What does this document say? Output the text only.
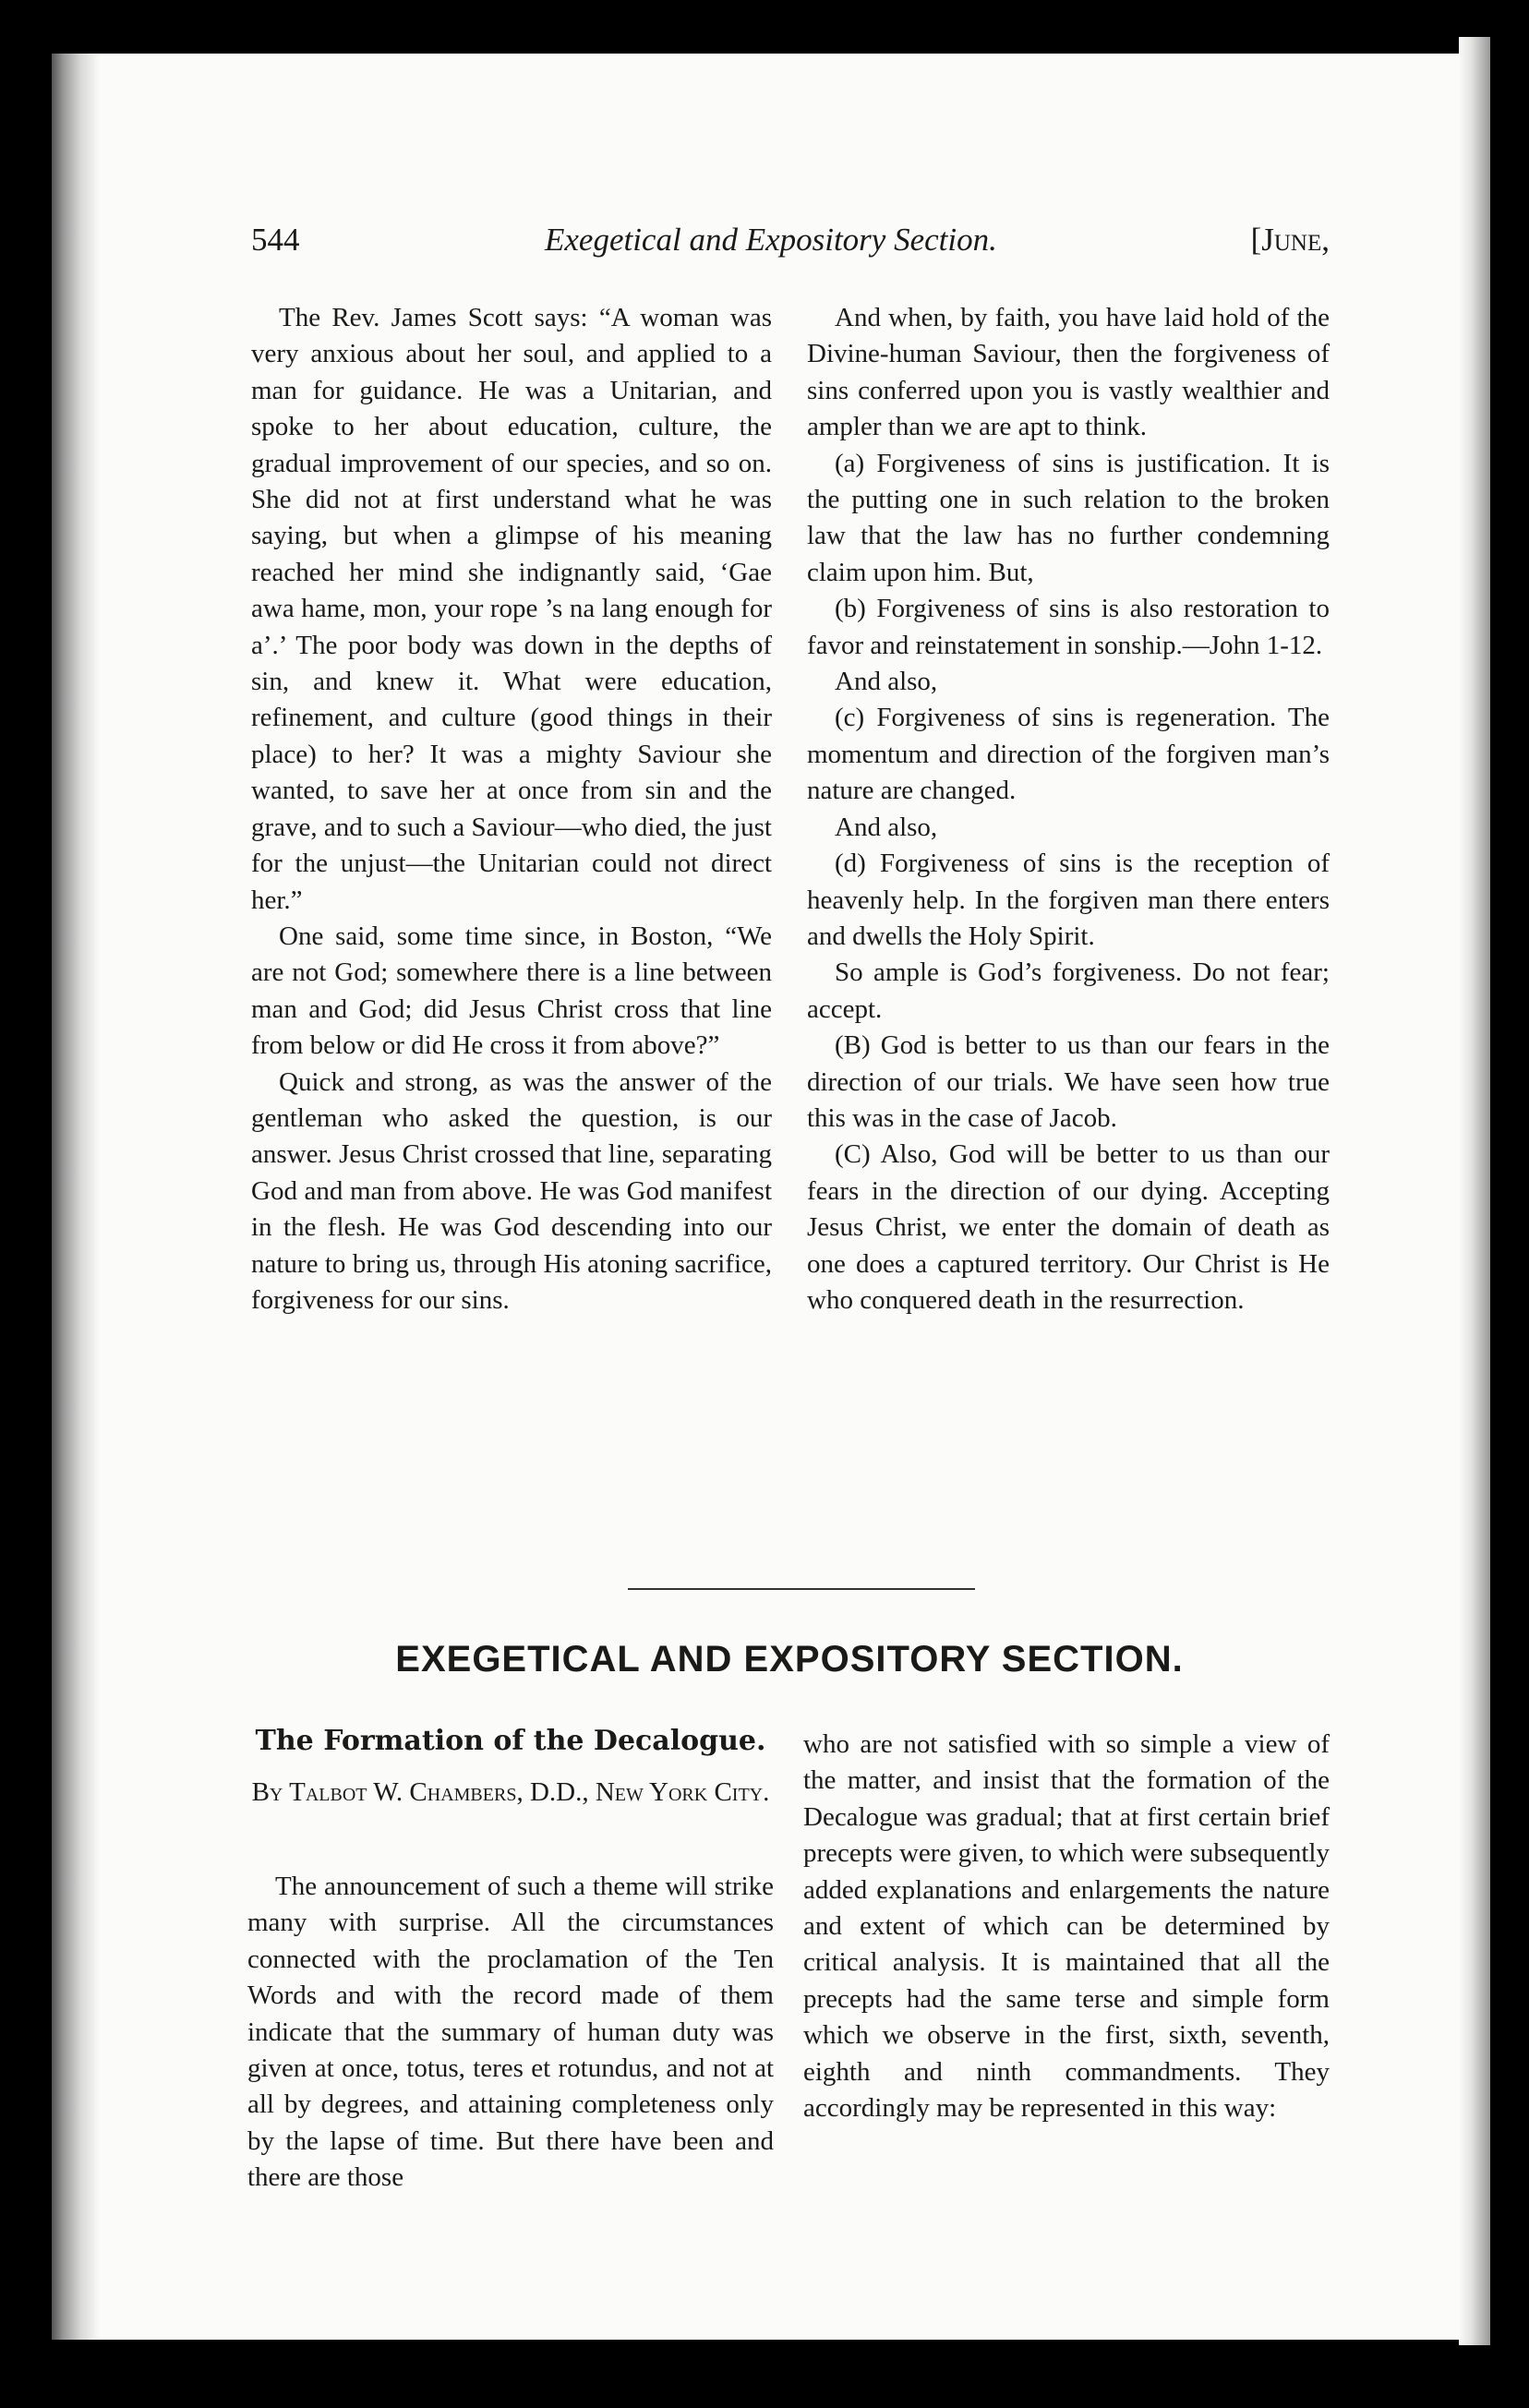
544	Exegetical and Expository Section.	[June,

The Rev. James Scott says: “A woman was very anxious about her soul, and applied to a man for guidance. He was a Unitarian, and spoke to her about education, culture, the gradual improvement of our species, and so on. She did not at first understand what he was saying, but when a glimpse of his meaning reached her mind she indignantly said, ‘Gae awa hame, mon, your rope ’s na lang enough for a’.’ The poor body was down in the depths of sin, and knew it. What were education, refinement, and culture (good things in their place) to her? It was a mighty Saviour she wanted, to save her at once from sin and the grave, and to such a Saviour—who died, the just for the unjust—the Unitarian could not direct her.”

One said, some time since, in Boston, “We are not God; somewhere there is a line between man and God; did Jesus Christ cross that line from below or did He cross it from above?”

Quick and strong, as was the answer of the gentleman who asked the question, is our answer. Jesus Christ crossed that line, separating God and man from above. He was God manifest in the flesh. He was God descending into our nature to bring us, through His atoning sacrifice, forgiveness for our sins.

And when, by faith, you have laid hold of the Divine-human Saviour, then the forgiveness of sins conferred upon you is vastly wealthier and ampler than we are apt to think.

(a) Forgiveness of sins is justification. It is the putting one in such relation to the broken law that the law has no further condemning claim upon him. But,

(b) Forgiveness of sins is also restoration to favor and reinstatement in sonship.—John 1-12.

And also,

(c) Forgiveness of sins is regeneration. The momentum and direction of the forgiven man’s nature are changed.

And also,

(d) Forgiveness of sins is the reception of heavenly help. In the forgiven man there enters and dwells the Holy Spirit.

So ample is God’s forgiveness. Do not fear; accept.

(B) God is better to us than our fears in the direction of our trials. We have seen how true this was in the case of Jacob.

(C) Also, God will be better to us than our fears in the direction of our dying. Accepting Jesus Christ, we enter the domain of death as one does a captured territory. Our Christ is He who conquered death in the resurrection.

EXEGETICAL AND EXPOSITORY SECTION.
The Formation of the Decalogue.
By Talbot W. Chambers, D.D., New York City.

The announcement of such a theme will strike many with surprise. All the circumstances connected with the proclamation of the Ten Words and with the record made of them indicate that the summary of human duty was given at once, totus, teres et rotundus, and not at all by degrees, and attaining completeness only by the lapse of time. But there have been and there are those

who are not satisfied with so simple a view of the matter, and insist that the formation of the Decalogue was gradual; that at first certain brief precepts were given, to which were subsequently added explanations and enlargements the nature and extent of which can be determined by critical analysis. It is maintained that all the precepts had the same terse and simple form which we observe in the first, sixth, seventh, eighth and ninth commandments. They accordingly may be represented in this way:
